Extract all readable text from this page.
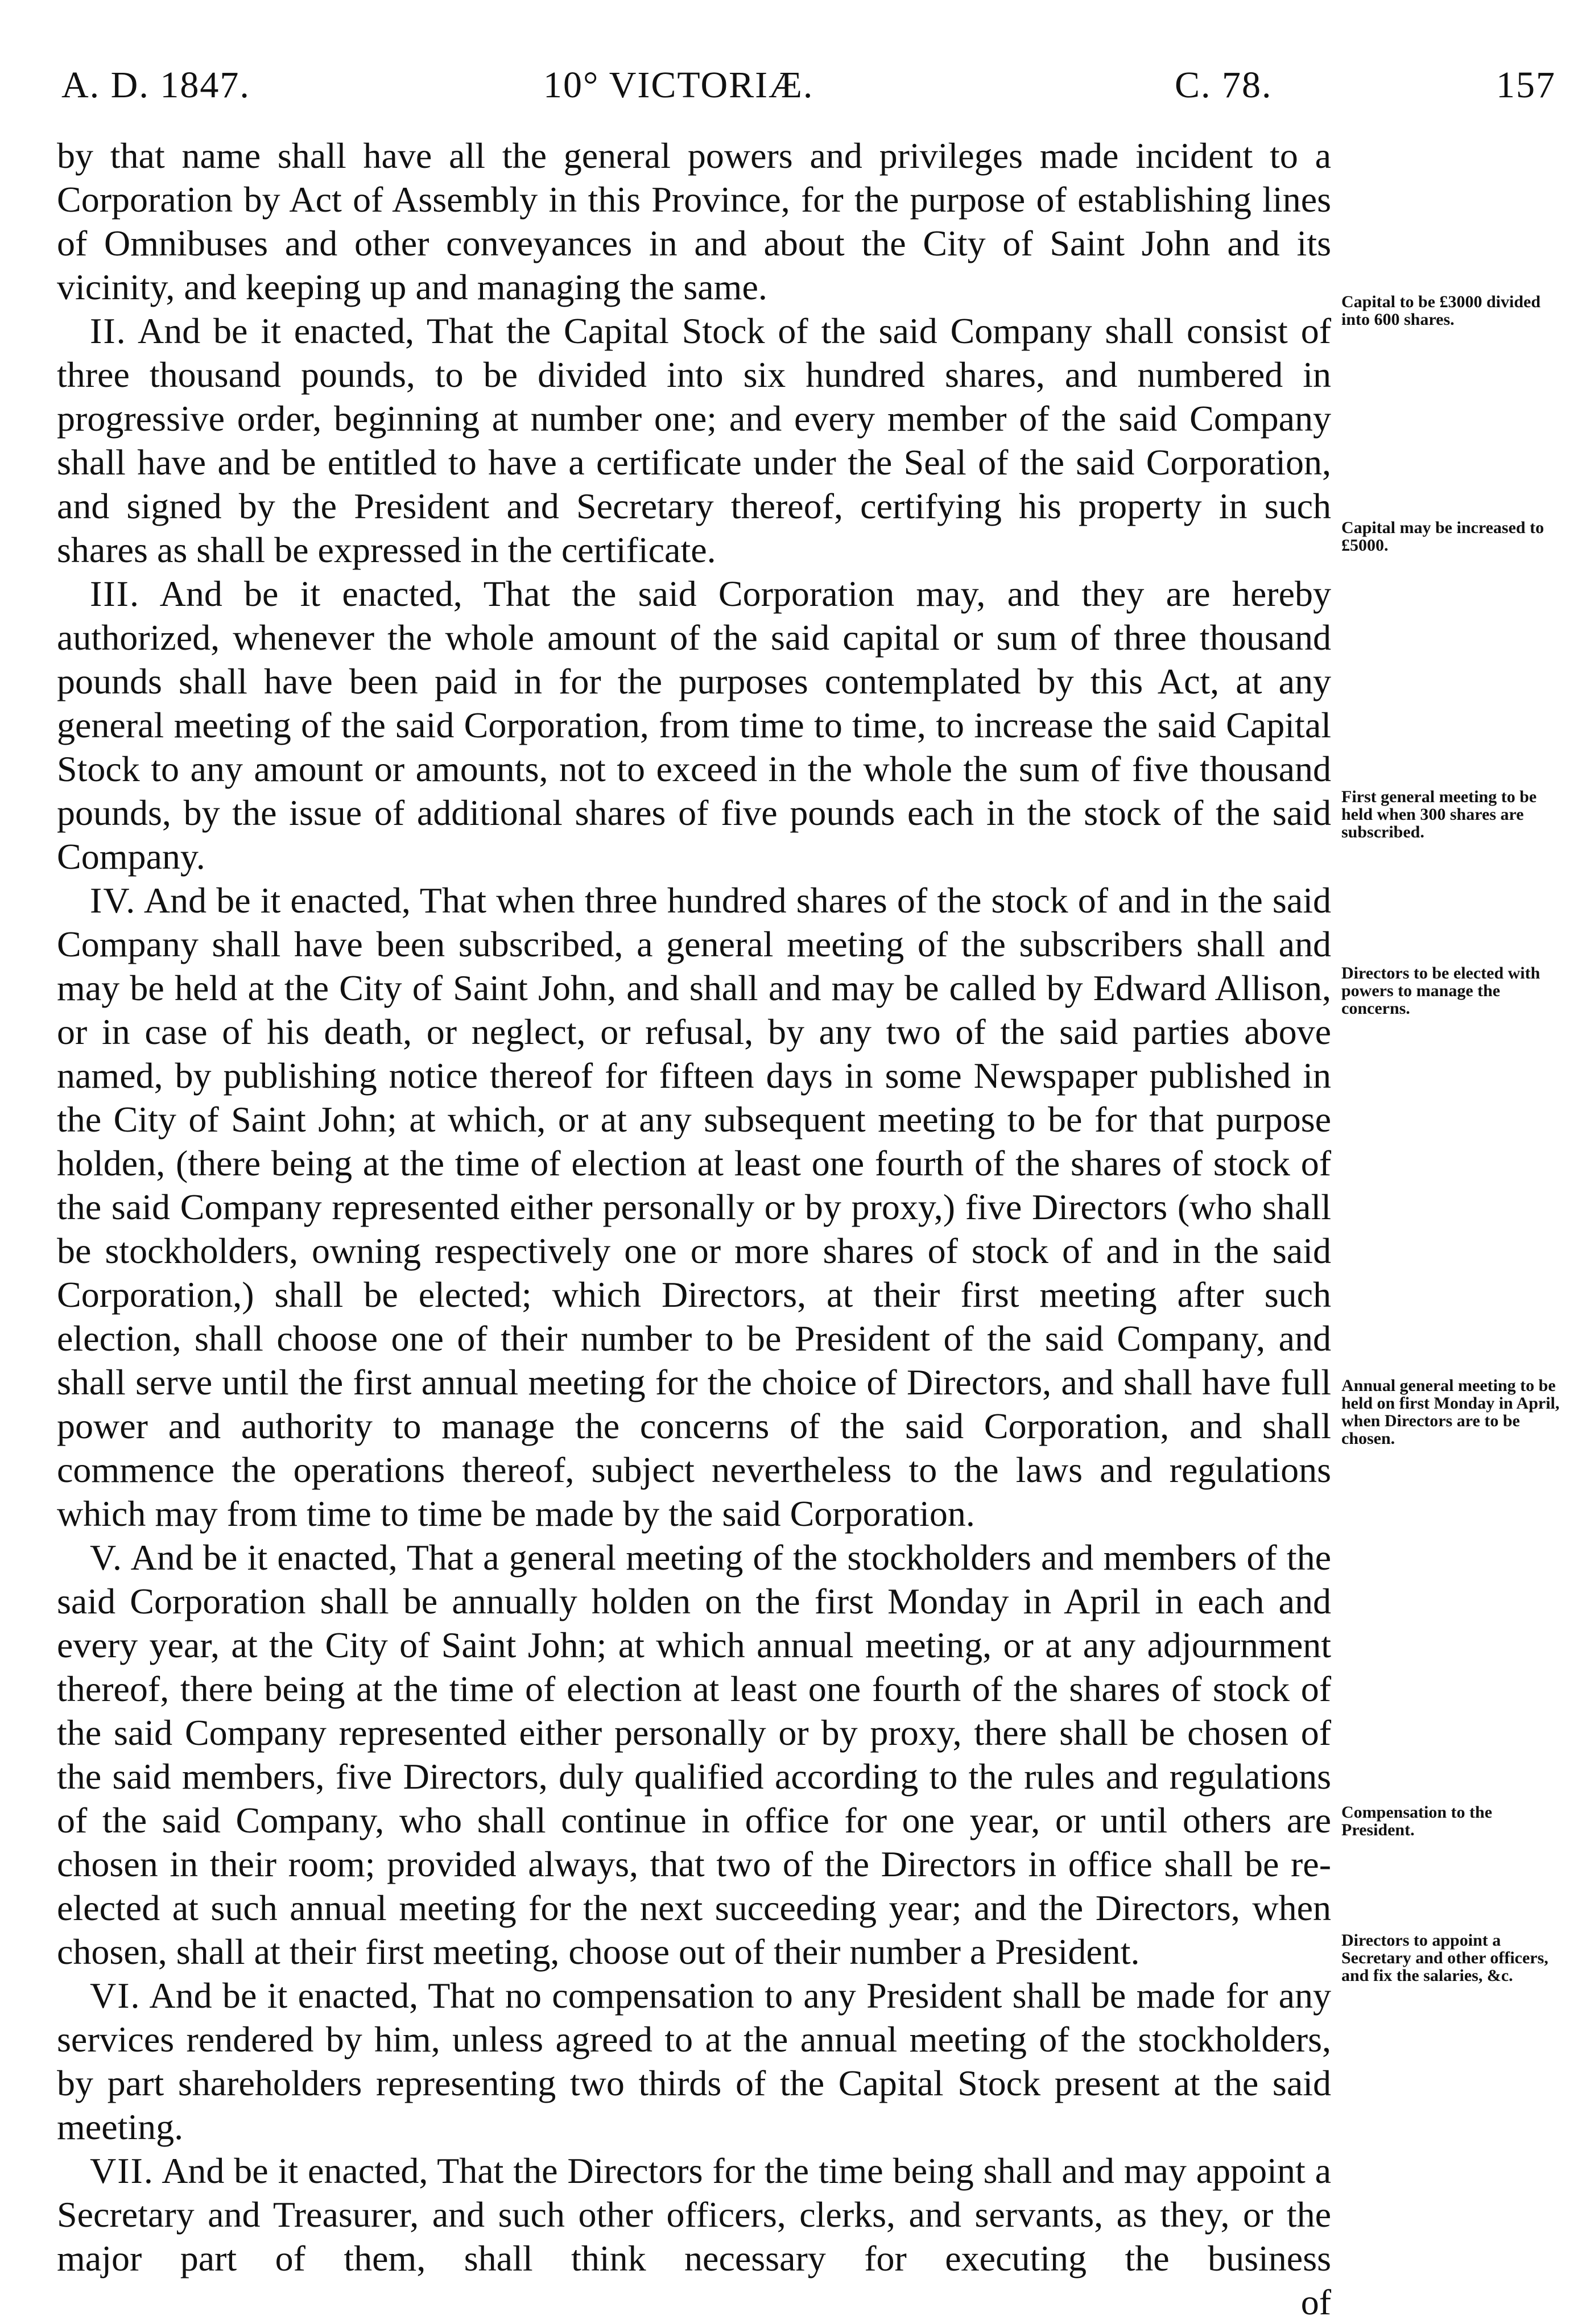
A. D. 1847.	10° VICTORIÆ.	C. 78.	157

by that name shall have all the general powers and privileges made incident to a Corporation by Act of Assembly in this Province, for the purpose of establishing lines of Omnibuses and other conveyances in and about the City of Saint John and its vicinity, and keeping up and managing the same.

II. And be it enacted, That the Capital Stock of the said Company shall consist of three thousand pounds, to be divided into six hundred shares, and numbered in progressive order, beginning at number one; and every member of the said Company shall have and be entitled to have a certificate under the Seal of the said Corporation, and signed by the President and Secretary thereof, certifying his property in such shares as shall be expressed in the certificate.

III. And be it enacted, That the said Corporation may, and they are hereby authorized, whenever the whole amount of the said capital or sum of three thousand pounds shall have been paid in for the purposes contemplated by this Act, at any general meeting of the said Corporation, from time to time, to increase the said Capital Stock to any amount or amounts, not to exceed in the whole the sum of five thousand pounds, by the issue of additional shares of five pounds each in the stock of the said Company.

IV. And be it enacted, That when three hundred shares of the stock of and in the said Company shall have been subscribed, a general meeting of the subscribers shall and may be held at the City of Saint John, and shall and may be called by Edward Allison, or in case of his death, or neglect, or refusal, by any two of the said parties above named, by publishing notice thereof for fifteen days in some Newspaper published in the City of Saint John; at which, or at any subsequent meeting to be for that purpose holden, (there being at the time of election at least one fourth of the shares of stock of the said Company represented either personally or by proxy,) five Directors (who shall be stockholders, owning respectively one or more shares of stock of and in the said Corporation,) shall be elected; which Directors, at their first meeting after such election, shall choose one of their number to be President of the said Company, and shall serve until the first annual meeting for the choice of Directors, and shall have full power and authority to manage the concerns of the said Corporation, and shall commence the operations thereof, subject nevertheless to the laws and regulations which may from time to time be made by the said Corporation.

V. And be it enacted, That a general meeting of the stockholders and members of the said Corporation shall be annually holden on the first Monday in April in each and every year, at the City of Saint John; at which annual meeting, or at any adjournment thereof, there being at the time of election at least one fourth of the shares of stock of the said Company represented either personally or by proxy, there shall be chosen of the said members, five Directors, duly qualified according to the rules and regulations of the said Company, who shall continue in office for one year, or until others are chosen in their room; provided always, that two of the Directors in office shall be re-elected at such annual meeting for the next succeeding year; and the Directors, when chosen, shall at their first meeting, choose out of their number a President.

VI. And be it enacted, That no compensation to any President shall be made for any services rendered by him, unless agreed to at the annual meeting of the stockholders, by part shareholders representing two thirds of the Capital Stock present at the said meeting.

VII. And be it enacted, That the Directors for the time being shall and may appoint a Secretary and Treasurer, and such other officers, clerks, and servants, as they, or the major part of them, shall think necessary for executing the business

of

Capital to be £3000 divided into 600 shares.
Capital may be increased to £5000.
First general meeting to be held when 300 shares are subscribed.
Directors to be elected with powers to manage the concerns.
Annual general meeting to be held on first Monday in April, when Directors are to be chosen.
Compensation to the President.
Directors to appoint a Secretary and other officers, and fix the salaries, &c.
